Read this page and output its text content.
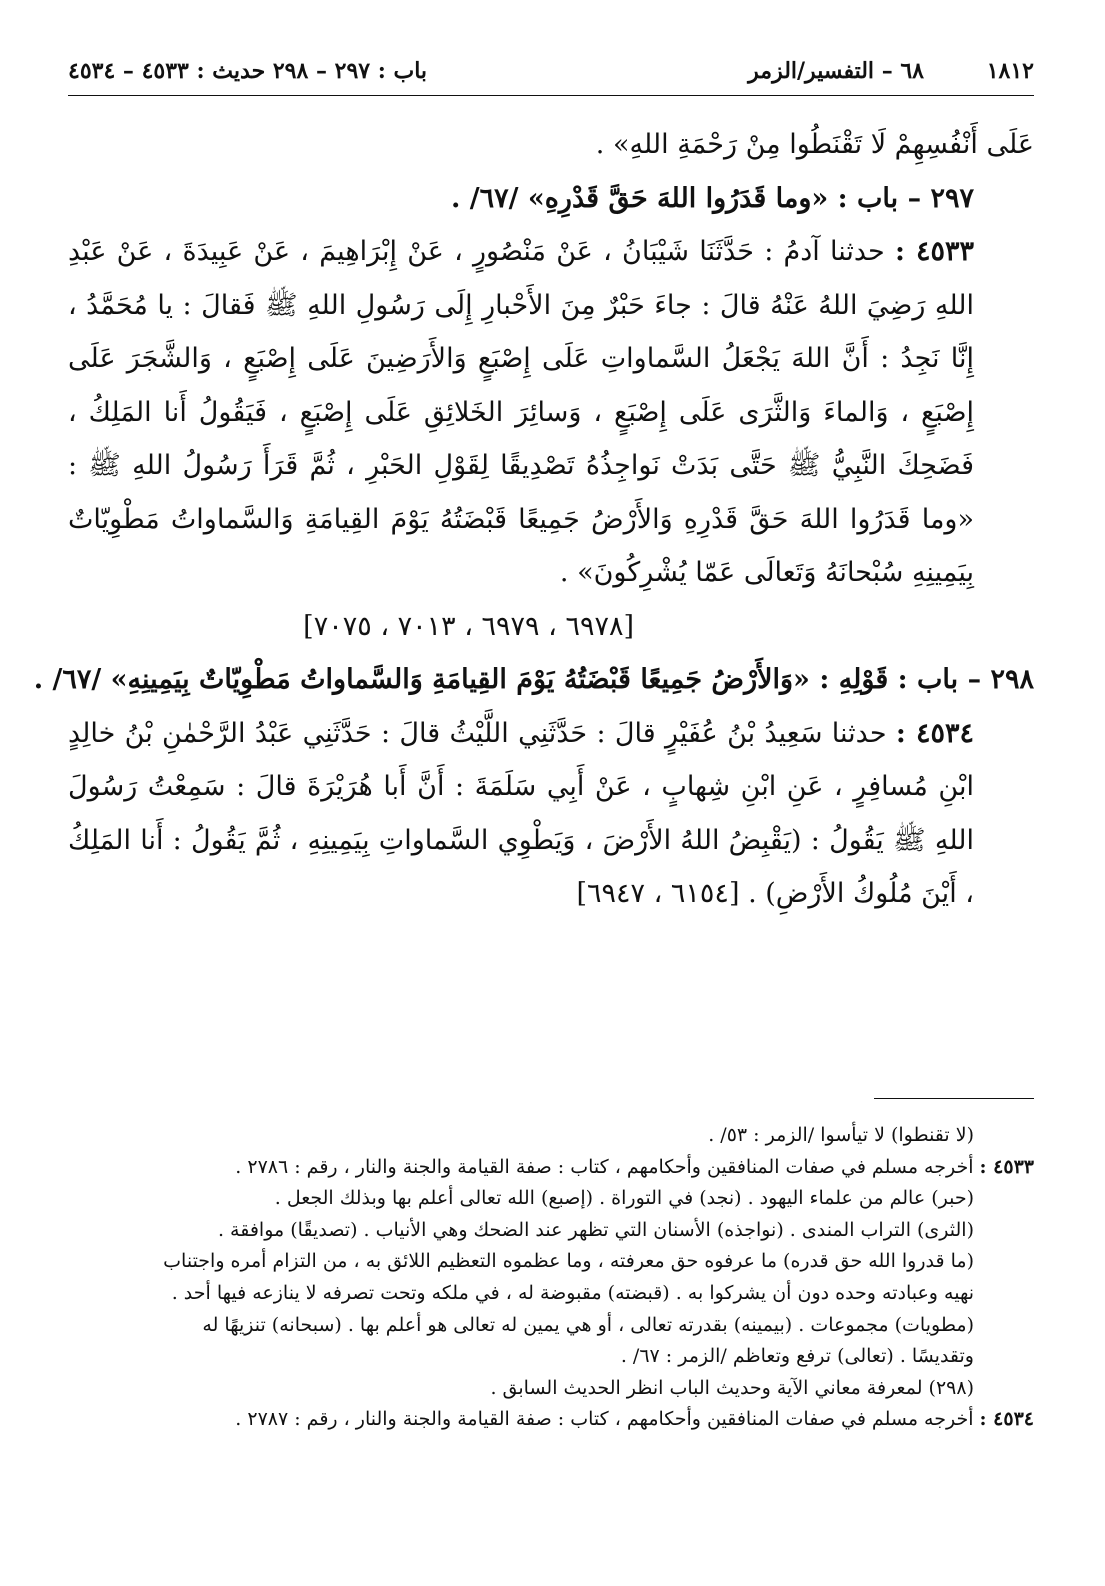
١٨١٢
٦٨ – التفسير/الزمر
باب : ٢٩٧ – ٢٩٨ حديث : ٤٥٣٣ – ٤٥٣٤

عَلَى أَنْفُسِهِمْ لَا تَقْنَطُوا مِنْ رَحْمَةِ اللهِ» .

٢٩٧ – باب : «وما قَدَرُوا اللهَ حَقَّ قَدْرِهِ» /٦٧/ .

٤٥٣٣ : حدثنا آدمُ : حَدَّثَنَا شَيْبَانُ ، عَنْ مَنْصُورٍ ، عَنْ إِبْرَاهِيمَ ، عَنْ عَبِيدَةَ ، عَنْ عَبْدِ اللهِ رَضِيَ اللهُ عَنْهُ قالَ : جاءَ حَبْرٌ مِنَ الأَحْبارِ إِلَى رَسُولِ اللهِ ﷺ فَقالَ : يا مُحَمَّدُ ، إِنَّا نَجِدُ : أَنَّ اللهَ يَجْعَلُ السَّماواتِ عَلَى إِصْبَعٍ وَالأَرَضِينَ عَلَى إِصْبَعٍ ، وَالشَّجَرَ عَلَى إِصْبَعٍ ، وَالماءَ وَالثَّرَى عَلَى إِصْبَعٍ ، وَسائِرَ الخَلائِقِ عَلَى إِصْبَعٍ ، فَيَقُولُ أَنا المَلِكُ ، فَضَحِكَ النَّبِيُّ ﷺ حَتَّى بَدَتْ نَواجِذُهُ تَصْدِيقًا لِقَوْلِ الحَبْرِ ، ثُمَّ قَرَأَ رَسُولُ اللهِ ﷺ : «وما قَدَرُوا اللهَ حَقَّ قَدْرِهِ وَالأَرْضُ جَمِيعًا قَبْضَتُهُ يَوْمَ القِيامَةِ وَالسَّماواتُ مَطْوِيّاتٌ بِيَمِينِهِ سُبْحانَهُ وَتَعالَى عَمّا يُشْرِكُونَ» .

[٦٩٧٨ ، ٦٩٧٩ ، ٧٠١٣ ، ٧٠٧٥]

٢٩٨ – باب : قَوْلِهِ : «وَالأَرْضُ جَمِيعًا قَبْضَتُهُ يَوْمَ القِيامَةِ وَالسَّماواتُ مَطْوِيّاتٌ بِيَمِينِهِ» /٦٧/ .

٤٥٣٤ : حدثنا سَعِيدُ بْنُ عُفَيْرٍ قالَ : حَدَّثَنِي اللَّيْثُ قالَ : حَدَّثَنِي عَبْدُ الرَّحْمٰنِ بْنُ خالِدٍ ابْنِ مُسافِرٍ ، عَنِ ابْنِ شِهابٍ ، عَنْ أَبِي سَلَمَةَ : أَنَّ أَبا هُرَيْرَةَ قالَ : سَمِعْتُ رَسُولَ اللهِ ﷺ يَقُولُ : (يَقْبِضُ اللهُ الأَرْضَ ، وَيَطْوِي السَّماواتِ بِيَمِينِهِ ، ثُمَّ يَقُولُ : أَنا المَلِكُ ، أَيْنَ مُلُوكُ الأَرْضِ) . [٦١٥٤ ، ٦٩٤٧]

(لا تقنطوا) لا تيأسوا /الزمر : ٥٣/ .

٤٥٣٣ : أخرجه مسلم في صفات المنافقين وأحكامهم ، كتاب : صفة القيامة والجنة والنار ، رقم : ٢٧٨٦ .

(حبر) عالم من علماء اليهود . (نجد) في التوراة . (إصبع) الله تعالى أعلم بها وبذلك الجعل .

(الثرى) التراب المندى . (نواجذه) الأسنان التي تظهر عند الضحك وهي الأنياب . (تصديقًا) موافقة .

(ما قدروا الله حق قدره) ما عرفوه حق معرفته ، وما عظموه التعظيم اللائق به ، من التزام أمره واجتناب

نهيه وعبادته وحده دون أن يشركوا به . (قبضته) مقبوضة له ، في ملكه وتحت تصرفه لا ينازعه فيها أحد .

(مطويات) مجموعات . (بيمينه) بقدرته تعالى ، أو هي يمين له تعالى هو أعلم بها . (سبحانه) تنزيهًا له

وتقديسًا . (تعالى) ترفع وتعاظم /الزمر : ٦٧/ .

(٢٩٨) لمعرفة معاني الآية وحديث الباب انظر الحديث السابق .

٤٥٣٤ : أخرجه مسلم في صفات المنافقين وأحكامهم ، كتاب : صفة القيامة والجنة والنار ، رقم : ٢٧٨٧ .
